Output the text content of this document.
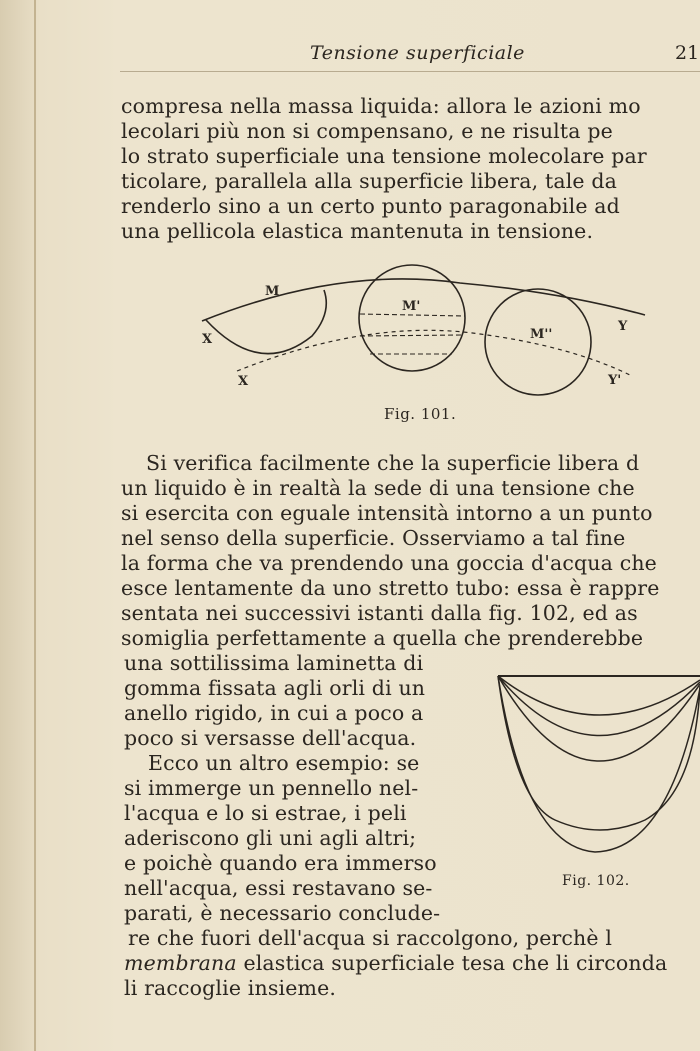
Tensione superficiale	21
compresa nella massa liquida: allora le azioni mo
lecolari più non si compensano, e ne risulta pe
lo strato superficiale una tensione molecolare par
ticolare, parallela alla superficie libera, tale da
renderlo sino a un certo punto paragonabile ad
una pellicola elastica mantenuta in tensione.
M
M'
M''
X
X
Y
Y'
Fig. 101.
Si verifica facilmente che la superficie libera d
un liquido è in realtà la sede di una tensione che
si esercita con eguale intensità intorno a un punto
nel senso della superficie. Osserviamo a tal fine
la forma che va prendendo una goccia d'acqua che
esce lentamente da uno stretto tubo: essa è rappre
sentata nei successivi istanti dalla fig. 102, ed as
somiglia perfettamente a quella che prenderebbe
una sottilissima laminetta di
gomma fissata agli orli di un
anello rigido, in cui a poco a
poco si versasse dell'acqua.
Ecco un altro esempio: se
si immerge un pennello nel-
l'acqua e lo si estrae, i peli
aderiscono gli uni agli altri;
e poichè quando era immerso
nell'acqua, essi restavano se-
parati, è necessario conclude-
re che fuori dell'acqua si raccolgono, perchè l
membrana elastica superficiale tesa che li circonda
li raccoglie insieme.
Fig. 102.
